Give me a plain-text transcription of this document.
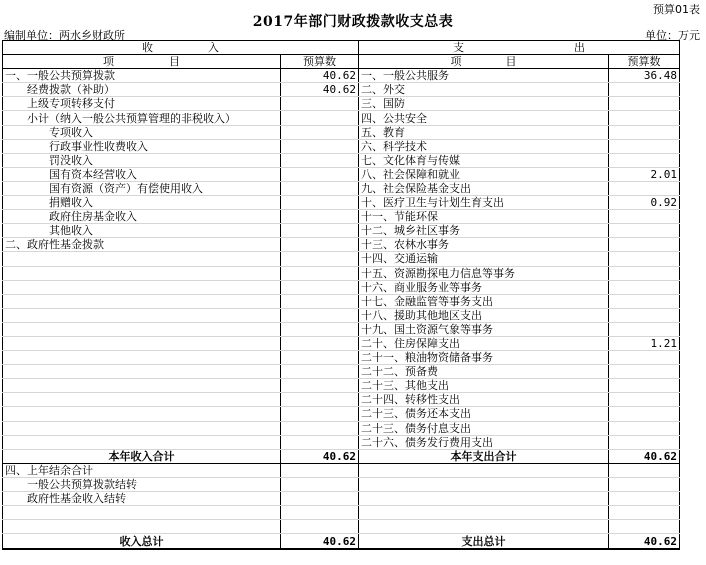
预算01表
2017年部门财政拨款收支总表
编制单位：两水乡财政所	单位：万元
收　　　　　入		支　　　　　　　　　　出	
项　　　　　目	预算数	项　　　　目	预算数
一、一般公共预算拨款	40.62	一、一般公共服务	36.48
　　经费拨款（补助）	40.62	二、外交	
　　上级专项转移支付		三、国防	
　　小计（纳入一般公共预算管理的非税收入）		四、公共安全	
　　　　专项收入		五、教育	
　　　　行政事业性收费收入		六、科学技术	
　　　　罚没收入		七、文化体育与传媒	
　　　　国有资本经营收入		八、社会保障和就业	2.01
　　　　国有资源（资产）有偿使用收入		九、社会保险基金支出	
　　　　捐赠收入		十、医疗卫生与计划生育支出	0.92
　　　　政府住房基金收入		十一、节能环保	
　　　　其他收入		十二、城乡社区事务	
二、政府性基金拨款		十三、农林水事务	
		十四、交通运输	
		十五、资源勘探电力信息等事务	
		十六、商业服务业等事务	
		十七、金融监管等事务支出	
		十八、援助其他地区支出	
		十九、国土资源气象等事务	
		二十、住房保障支出	1.21
		二十一、粮油物资储备事务	
		二十二、预备费	
		二十三、其他支出	
		二十四、转移性支出	
		二十三、债务还本支出	
		二十三、债务付息支出	
		二十六、债务发行费用支出	
本年收入合计	40.62	本年支出合计	40.62
四、上年结余合计			
　　一般公共预算拨款结转			
　　政府性基金收入结转			

收入总计	40.62	支出总计	40.62
